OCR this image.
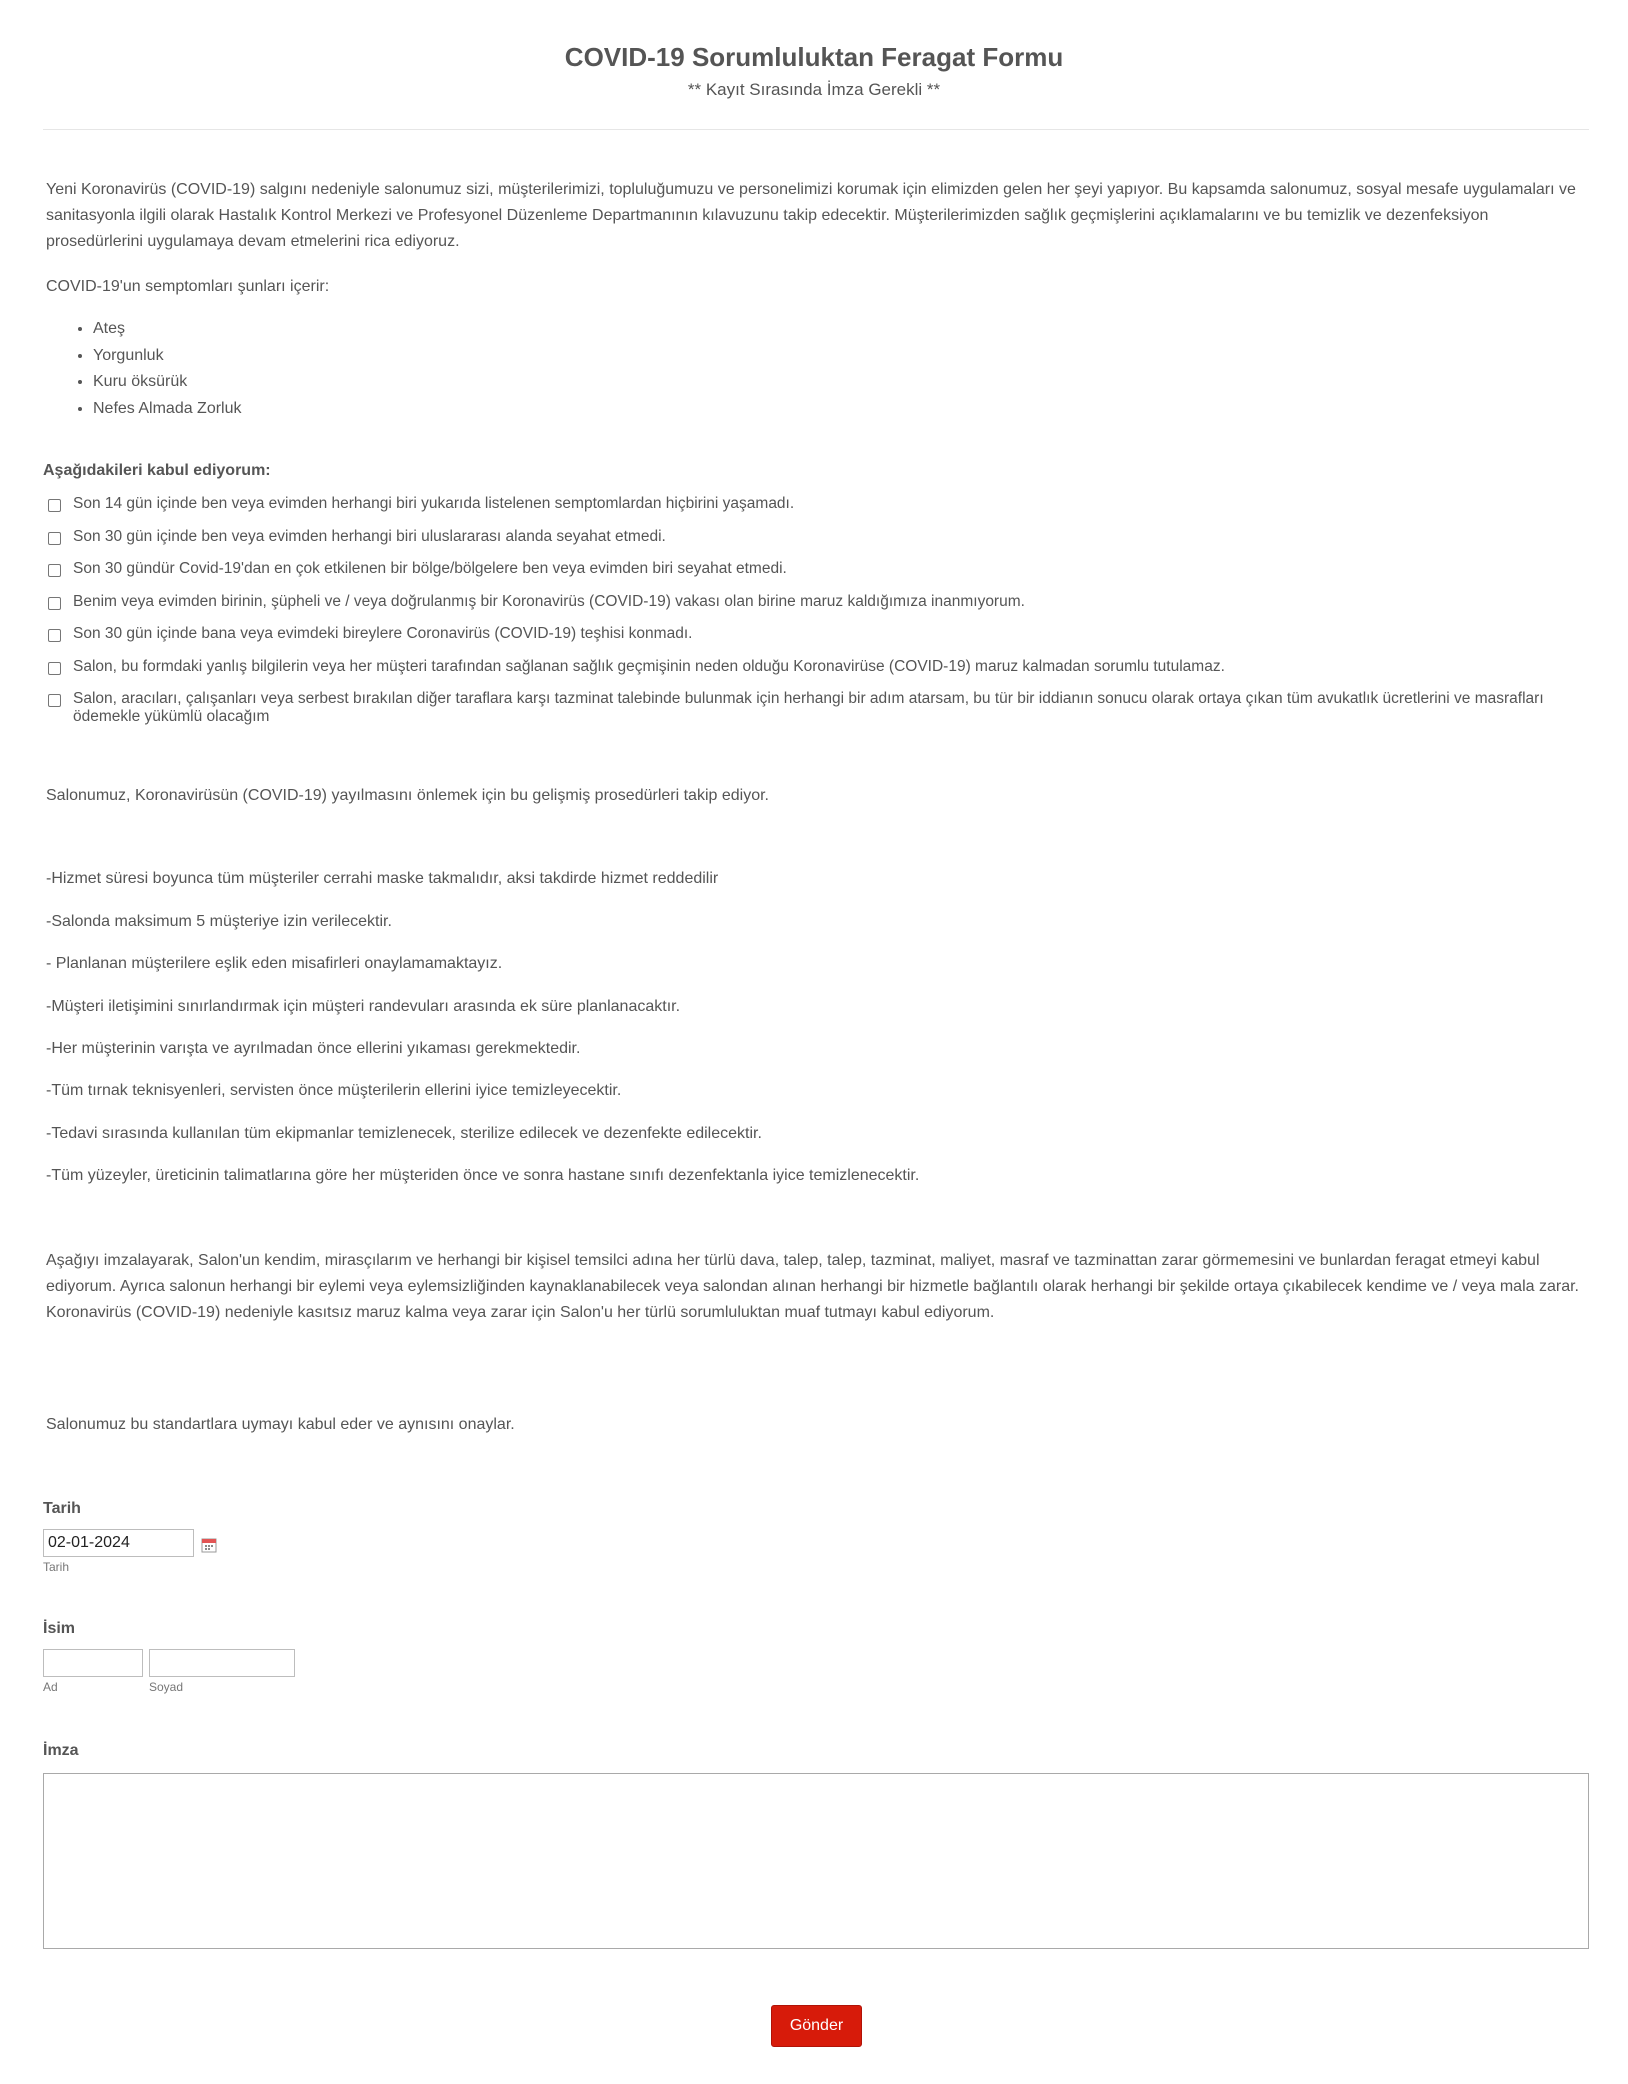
COVID-19 Sorumluluktan Feragat Formu
** Kayıt Sırasında İmza Gerekli **

Yeni Koronavirüs (COVID-19) salgını nedeniyle salonumuz sizi, müşterilerimizi, topluluğumuzu ve personelimizi korumak için elimizden gelen her şeyi yapıyor. Bu kapsamda salonumuz, sosyal mesafe uygulamaları ve sanitasyonla ilgili olarak Hastalık Kontrol Merkezi ve Profesyonel Düzenleme Departmanının kılavuzunu takip edecektir. Müşterilerimizden sağlık geçmişlerini açıklamalarını ve bu temizlik ve dezenfeksiyon prosedürlerini uygulamaya devam etmelerini rica ediyoruz.

COVID-19'un semptomları şunları içerir:

• Ateş
• Yorgunluk
• Kuru öksürük
• Nefes Almada Zorluk
Aşağıdakileri kabul ediyorum:
Son 14 gün içinde ben veya evimden herhangi biri yukarıda listelenen semptomlardan hiçbirini yaşamadı.
Son 30 gün içinde ben veya evimden herhangi biri uluslararası alanda seyahat etmedi.
Son 30 gündür Covid-19'dan en çok etkilenen bir bölge/bölgelere ben veya evimden biri seyahat etmedi.
Benim veya evimden birinin, şüpheli ve / veya doğrulanmış bir Koronavirüs (COVID-19) vakası olan birine maruz kaldığımıza inanmıyorum.
Son 30 gün içinde bana veya evimdeki bireylere Coronavirüs (COVID-19) teşhisi konmadı.
Salon, bu formdaki yanlış bilgilerin veya her müşteri tarafından sağlanan sağlık geçmişinin neden olduğu Koronavirüse (COVID-19) maruz kalmadan sorumlu tutulamaz.
Salon, aracıları, çalışanları veya serbest bırakılan diğer taraflara karşı tazminat talebinde bulunmak için herhangi bir adım atarsam, bu tür bir iddianın sonucu olarak ortaya çıkan tüm avukatlık ücretlerini ve masrafları ödemekle yükümlü olacağım

Salonumuz, Koronavirüsün (COVID-19) yayılmasını önlemek için bu gelişmiş prosedürleri takip ediyor.

-Hizmet süresi boyunca tüm müşteriler cerrahi maske takmalıdır, aksi takdirde hizmet reddedilir

-Salonda maksimum 5 müşteriye izin verilecektir.

- Planlanan müşterilere eşlik eden misafirleri onaylamamaktayız.

-Müşteri iletişimini sınırlandırmak için müşteri randevuları arasında ek süre planlanacaktır.

-Her müşterinin varışta ve ayrılmadan önce ellerini yıkaması gerekmektedir.

-Tüm tırnak teknisyenleri, servisten önce müşterilerin ellerini iyice temizleyecektir.

-Tedavi sırasında kullanılan tüm ekipmanlar temizlenecek, sterilize edilecek ve dezenfekte edilecektir.

-Tüm yüzeyler, üreticinin talimatlarına göre her müşteriden önce ve sonra hastane sınıfı dezenfektanla iyice temizlenecektir.

Aşağıyı imzalayarak, Salon'un kendim, mirasçılarım ve herhangi bir kişisel temsilci adına her türlü dava, talep, talep, tazminat, maliyet, masraf ve tazminattan zarar görmemesini ve bunlardan feragat etmeyi kabul ediyorum. Ayrıca salonun herhangi bir eylemi veya eylemsizliğinden kaynaklanabilecek veya salondan alınan herhangi bir hizmetle bağlantılı olarak herhangi bir şekilde ortaya çıkabilecek kendime ve / veya mala zarar. Koronavirüs (COVID-19) nedeniyle kasıtsız maruz kalma veya zarar için Salon'u her türlü sorumluluktan muaf tutmayı kabul ediyorum.

Salonumuz bu standartlara uymayı kabul eder ve aynısını onaylar.

Tarih
02-01-2024
Tarih
İsim
Ad	Soyad
İmza
Gönder
